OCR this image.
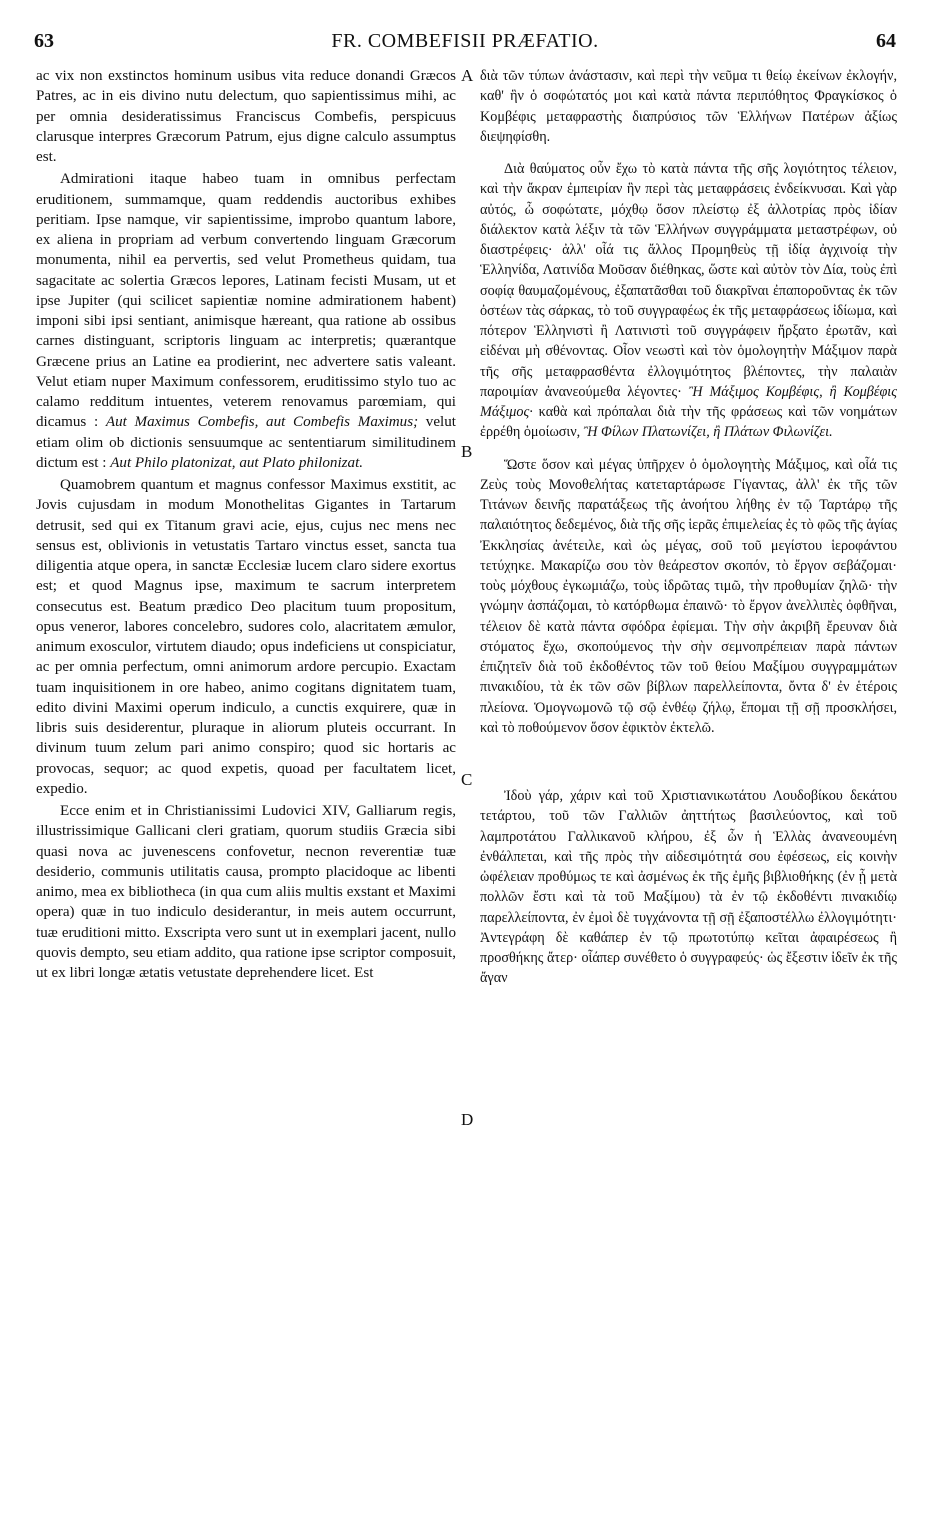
63	FR. COMBEFISII PRÆFATIO.	64

ac vix non exstinctos hominum usibus vita reduce donandi Græcos Patres, ac in eis divino nutu delectum, quo sapientissimus mihi, ac per omnia desideratissimus Franciscus Combefis, perspicuus clarusque interpres Græcorum Patrum, ejus digne calculo assumptus est.

Admirationi itaque habeo tuam in omnibus perfectam eruditionem, summamque, quam reddendis auctoribus exhibes peritiam. Ipse namque, vir sapientissime, improbo quantum labore, ex aliena in propriam ad verbum convertendo linguam Græcorum monumenta, nihil ea pervertis, sed velut Prometheus quidam, tua sagacitate ac solertia Græcos lepores, Latinam fecisti Musam, ut et ipse Jupiter (qui scilicet sapientiæ nomine admirationem habent) imponi sibi ipsi sentiant, animisque hæreant, qua ratione ab ossibus carnes distinguant, scriptoris linguam ac interpretis; quærantque Græcene prius an Latine ea prodierint, nec advertere satis valeant. Velut etiam nuper Maximum confessorem, eruditissimo stylo tuo ac calamo redditum intuentes, veterem renovamus parœmiam, qui dicamus : Aut Maximus Combefis, aut Combefis Maximus; velut etiam olim ob dictionis sensuumque ac sententiarum similitudinem dictum est : Aut Philo platonizat, aut Plato philonizat.

Quamobrem quantum et magnus confessor Maximus exstitit, ac Jovis cujusdam in modum Monothelitas Gigantes in Tartarum detrusit, sed qui ex Titanum gravi acie, ejus, cujus nec mens nec sensus est, oblivionis in vetustatis Tartaro vinctus esset, sancta tua diligentia atque opera, in sanctæ Ecclesiæ lucem claro sidere exortus est; et quod Magnus ipse, maximum te sacrum interpretem consecutus est. Beatum prædico Deo placitum tuum propositum, opus veneror, labores concelebro, sudores colo, alacritatem æmulor, animum exosculor, virtutem diaudo; opus indeficiens ut conspiciatur, ac per omnia perfectum, omni animorum ardore percupio. Exactam tuam inquisitionem in ore habeo, animo cogitans dignitatem tuam, edito divini Maximi operum indiculo, a cunctis exquirere, quæ in libris suis desiderentur, pluraque in aliorum pluteis occurrant. In divinum tuum zelum pari animo conspiro; quod sic hortaris ac provocas, sequor; ac quod expetis, quoad per facultatem licet, expedio.

Ecce enim et in Christianissimi Ludovici XIV, Galliarum regis, illustrissimique Gallicani cleri gratiam, quorum studiis Græcia sibi quasi nova ac juvenescens confovetur, necnon reverentiæ tuæ desiderio, communis utilitatis causa, prompto placidoque ac libenti animo, mea ex bibliotheca (in qua cum aliis multis exstant et Maximi opera) quæ in tuo indiculo desiderantur, in meis autem occurrunt, tuæ eruditioni mitto. Exscripta vero sunt ut in exemplari jacent, nullo quovis dempto, seu etiam addito, qua ratione ipse scriptor composuit, ut ex libri longæ ætatis vetustate deprehendere licet. Est

A
B
C
D

διὰ τῶν τύπων ἀνάστασιν, καὶ περὶ τὴν νεῦμα τι θείῳ ἐκείνων ἐκλογήν, καθ' ἣν ὁ σοφώτατός μοι καὶ κατὰ πάντα περιπόθητος Φραγκίσκος ὁ Κομβέφις μεταφραστὴς διαπρύσιος τῶν Ἑλλήνων Πατέρων ἀξίως διεψηφίσθη.

Διὰ θαύματος οὖν ἔχω τὸ κατὰ πάντα τῆς σῆς λογιότητος τέλειον, καὶ τὴν ἄκραν ἐμπειρίαν ἣν περὶ τὰς μεταφράσεις ἐνδείκνυσαι. Καὶ γὰρ αὐτός, ὦ σοφώτατε, μόχθῳ ὅσον πλείστῳ ἐξ ἀλλοτρίας πρὸς ἰδίαν διάλεκτον κατὰ λέξιν τὰ τῶν Ἑλλήνων συγγράμματα μεταστρέφων, οὐ διαστρέφεις· ἀλλ' οἷά τις ἄλλος Προμηθεὺς τῇ ἰδίᾳ ἀγχινοίᾳ τὴν Ἑλληνίδα, Λατινίδα Μοῦσαν διέθηκας, ὥστε καὶ αὐτὸν τὸν Δία, τοὺς ἐπὶ σοφίᾳ θαυμαζομένους, ἐξαπατᾶσθαι τοῦ διακρῖναι ἐπαποροῦντας ἐκ τῶν ὀστέων τὰς σάρκας, τὸ τοῦ συγγραφέως ἐκ τῆς μεταφράσεως ἰδίωμα, καὶ πότερον Ἑλληνιστὶ ἢ Λατινιστὶ τοῦ συγγράφειν ἤρξατο ἐρωτᾶν, καὶ εἰδέναι μὴ σθένοντας. Οἷον νεωστὶ καὶ τὸν ὁμολογητὴν Μάξιμον παρὰ τῆς σῆς μεταφρασθέντα ἐλλογιμότητος βλέποντες, τὴν παλαιὰν παροιμίαν ἀνανεούμεθα λέγοντες· Ἢ Μάξιμος Κομβέφις, ἢ Κομβέφις Μάξιμος· καθὰ καὶ πρόπαλαι διὰ τὴν τῆς φράσεως καὶ τῶν νοημάτων ἐρρέθη ὁμοίωσιν, Ἢ Φίλων Πλατωνίζει, ἢ Πλάτων Φιλωνίζει.

Ὥστε ὅσον καὶ μέγας ὑπῆρχεν ὁ ὁμολογητὴς Μάξιμος, καὶ οἷά τις Ζεὺς τοὺς Μονοθελήτας κατεταρτάρωσε Γίγαντας, ἀλλ' ἐκ τῆς τῶν Τιτάνων δεινῆς παρατάξεως τῆς ἀνοήτου λήθης ἐν τῷ Ταρτάρῳ τῆς παλαιότητος δεδεμένος, διὰ τῆς σῆς ἱερᾶς ἐπιμελείας ἐς τὸ φῶς τῆς ἁγίας Ἐκκλησίας ἀνέτειλε, καὶ ὡς μέγας, σοῦ τοῦ μεγίστου ἱεροφάντου τετύχηκε. Μακαρίζω σου τὸν θεάρεστον σκοπόν, τὸ ἔργον σεβάζομαι· τοὺς μόχθους ἐγκωμιάζω, τοὺς ἱδρῶτας τιμῶ, τὴν προθυμίαν ζηλῶ· τὴν γνώμην ἀσπάζομαι, τὸ κατόρθωμα ἐπαινῶ· τὸ ἔργον ἀνελλιπὲς ὀφθῆναι, τέλειον δὲ κατὰ πάντα σφόδρα ἐφίεμαι. Τὴν σὴν ἀκριβῆ ἔρευναν διὰ στόματος ἔχω, σκοπούμενος τὴν σὴν σεμνοπρέπειαν παρὰ πάντων ἐπιζητεῖν διὰ τοῦ ἐκδοθέντος τῶν τοῦ θείου Μαξίμου συγγραμμάτων πινακιδίου, τὰ ἐκ τῶν σῶν βίβλων παρελλείποντα, ὄντα δ' ἐν ἑτέροις πλείονα. Ὁμογνωμονῶ τῷ σῷ ἐνθέῳ ζήλῳ, ἕπομαι τῇ σῇ προσκλήσει, καὶ τὸ ποθούμενον ὅσον ἐφικτὸν ἐκτελῶ.

Ἰδοὺ γάρ, χάριν καὶ τοῦ Χριστιανικωτάτου Λουδοβίκου δεκάτου τετάρτου, τοῦ τῶν Γαλλιῶν ἀηττήτως βασιλεύοντος, καὶ τοῦ λαμπροτάτου Γαλλικανοῦ κλήρου, ἐξ ὧν ἡ Ἑλλὰς ἀνανεουμένη ἐνθάλπεται, καὶ τῆς πρὸς τὴν αἰδεσιμότητά σου ἐφέσεως, εἰς κοινὴν ὠφέλειαν προθύμως τε καὶ ἀσμένως ἐκ τῆς ἐμῆς βιβλιοθήκης (ἐν ᾗ μετὰ πολλῶν ἔστι καὶ τὰ τοῦ Μαξίμου) τὰ ἐν τῷ ἐκδοθέντι πινακιδίῳ παρελλείποντα, ἐν ἐμοὶ δὲ τυγχάνοντα τῇ σῇ ἐξαποστέλλω ἐλλογιμότητι· Ἀντεγράφη δὲ καθάπερ ἐν τῷ πρωτοτύπῳ κεῖται ἀφαιρέσεως ἢ προσθήκης ἄτερ· οἷάπερ συνέθετο ὁ συγγραφεύς· ὡς ἔξεστιν ἰδεῖν ἐκ τῆς ἄγαν
